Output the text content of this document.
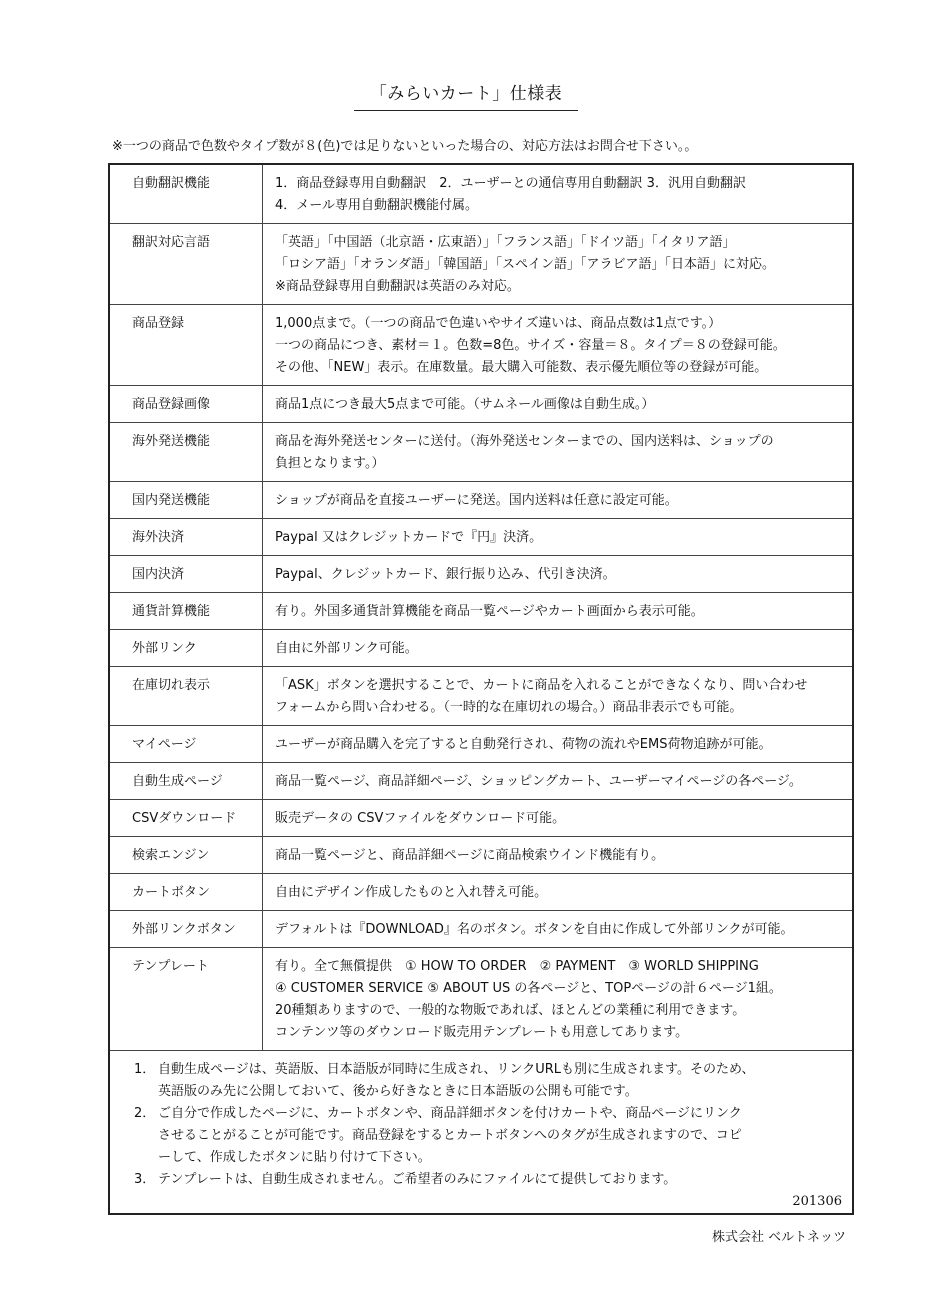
「みらいカート」仕様表
※一つの商品で色数やタイプ数が８(色)では足りないといった場合の、対応方法はお問合せ下さい。。
自動翻訳機能	1．商品登録専用自動翻訳　2．ユーザーとの通信専用自動翻訳 3．汎用自動翻訳
4．メール専用自動翻訳機能付属。

翻訳対応言語	「英語」「中国語（北京語・広東語）」「フランス語」「ドイツ語」「イタリア語」
「ロシア語」「オランダ語」「韓国語」「スペイン語」「アラビア語」「日本語」に対応。
※商品登録専用自動翻訳は英語のみ対応。

商品登録	1,000点まで。（一つの商品で色違いやサイズ違いは、商品点数は1点です。）
一つの商品につき、素材＝１。色数=8色。サイズ・容量＝８。タイプ＝８の登録可能。
その他、「NEW」表示。在庫数量。最大購入可能数、表示優先順位等の登録が可能。

商品登録画像	商品1点につき最大5点まで可能。（サムネール画像は自動生成。）

海外発送機能	商品を海外発送センターに送付。（海外発送センターまでの、国内送料は、ショップの
負担となります。）

国内発送機能	ショップが商品を直接ユーザーに発送。国内送料は任意に設定可能。

海外決済	Paypal 又はクレジットカードで『円』決済。

国内決済	Paypal、クレジットカード、銀行振り込み、代引き決済。

通貨計算機能	有り。外国多通貨計算機能を商品一覧ページやカート画面から表示可能。

外部リンク	自由に外部リンク可能。

在庫切れ表示	「ASK」ボタンを選択することで、カートに商品を入れることができなくなり、問い合わせ
フォームから問い合わせる。（一時的な在庫切れの場合。）商品非表示でも可能。

マイページ	ユーザーが商品購入を完了すると自動発行され、荷物の流れやEMS荷物追跡が可能。

自動生成ページ	商品一覧ページ、商品詳細ページ、ショッピングカート、ユーザーマイページの各ページ。

CSVダウンロード	販売データの CSVファイルをダウンロード可能。

検索エンジン	商品一覧ページと、商品詳細ページに商品検索ウインド機能有り。

カートボタン	自由にデザイン作成したものと入れ替え可能。

外部リンクボタン	デフォルトは『DOWNLOAD』名のボタン。ボタンを自由に作成して外部リンクが可能。

テンプレート	有り。全て無償提供　① HOW TO ORDER　② PAYMENT　③ WORLD SHIPPING
④ CUSTOMER SERVICE ⑤ ABOUT US の各ページと、TOPページの計６ページ1組。
20種類ありますので、一般的な物販であれば、ほとんどの業種に利用できます。
コンテンツ等のダウンロード販売用テンプレートも用意してあります。
1． 自動生成ページは、英語版、日本語版が同時に生成され、リンクURLも別に生成されます。そのため、
英語版のみ先に公開しておいて、後から好きなときに日本語版の公開も可能です。
2． ご自分で作成したページに、カートボタンや、商品詳細ボタンを付けカートや、商品ページにリンク
させることがることが可能です。商品登録をするとカートボタンへのタグが生成されますので、コピ
ーして、作成したボタンに貼り付けて下さい。
3． テンプレートは、自動生成されません。ご希望者のみにファイルにて提供しております。
201306
株式会社 ベルトネッツ
